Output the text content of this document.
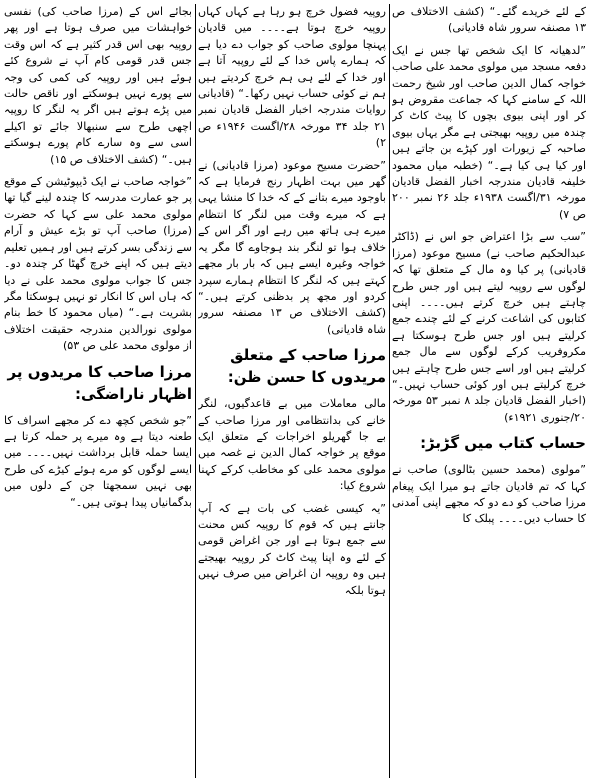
کے لئے خریدے گئے۔“ (کشف الاختلاف ص ۱۳ مصنفہ سرور شاہ قادیانی)

”لدھیانہ کا ایک شخص تھا جس نے ایک دفعہ مسجد میں مولوی محمد علی صاحب خواجہ کمال الدین صاحب اور شیخ رحمت اللہ کے سامنے کہا کہ جماعت مقروض ہو کر اور اپنی بیوی بچوں کا پیٹ کاٹ کر چندہ میں روپیہ بھیجتی ہے مگر یہاں بیوی صاحبہ کے زیورات اور کپڑے بن جاتے ہیں اور کیا ہی کیا ہے۔“ (خطبہ میاں محمود خلیفہ قادیان مندرجہ اخبار الفضل قادیان مورخہ ۳۱/اگست ۱۹۳۸ء جلد ۲۶ نمبر ۲۰۰ ص ۷)

”سب سے بڑا اعتراض جو اس نے (ڈاکٹر عبدالحکیم صاحب نے) مسیح موعود (مرزا قادیانی) پر کیا وہ مال کے متعلق تھا کہ لوگوں سے روپیہ لیتے ہیں اور جس طرح چاہتے ہیں خرچ کرتے ہیں۔۔۔۔ اپنی کتابوں کی اشاعت کرنے کے لئے چندے جمع کرلیتے ہیں اور جس طرح ہوسکتا ہے مکروفریب کرکے لوگوں سے مال جمع کرلیتے ہیں اور اسے جس طرح چاہتے ہیں خرچ کرلیتے ہیں اور کوئی حساب نہیں۔“ (اخبار الفضل قادیان جلد ۸ نمبر ۵۳ مورخہ ۲۰/جنوری ۱۹۲۱ء)

حساب کتاب میں گڑبڑ:

”مولوی (محمد حسین بٹالوی) صاحب نے کہا کہ تم قادیان جاتے ہو میرا ایک پیغام مرزا صاحب کو دے دو کہ مجھے اپنی آمدنی کا حساب دیں۔۔۔۔ پبلک کا

روپیہ فضول خرچ ہو رہا ہے کہاں کہاں روپیہ خرچ ہوتا ہے۔۔۔۔ میں قادیان پہنچا مولوی صاحب کو جواب دے دیا ہے کہ ہمارے پاس خدا کے لئے روپیہ آتا ہے اور خدا کے لئے ہی ہم خرچ کردیتے ہیں ہم نے کوئی حساب نہیں رکھا۔“ (قادیانی روایات مندرجہ اخبار الفضل قادیان نمبر ۲۱ جلد ۳۴ مورخہ ۲۸/اگست ۱۹۴۶ء ص ۲)

”حضرت مسیح موعود (مرزا قادیانی) نے گھر میں بہت اظہار رنج فرمایا ہے کہ باوجود میرے بتانے کے کہ خدا کا منشا یہی ہے کہ میرے وقت میں لنگر کا انتظام میرے ہی ہاتھ میں رہے اور اگر اس کے خلاف ہوا تو لنگر بند ہوجاوے گا مگر یہ خواجہ وغیرہ ایسے ہیں کہ بار بار مجھے کہتے ہیں کہ لنگر کا انتظام ہمارے سپرد کردو اور مجھ پر بدظنی کرتے ہیں۔“ (کشف الاختلاف ص ۱۳ مصنفہ سرور شاہ قادیانی)

مرزا صاحب کے متعلق مریدوں کا حسن ظن:

مالی معاملات میں بے قاعدگیوں، لنگر خانے کی بدانتظامی اور مرزا صاحب کے بے جا گھریلو اخراجات کے متعلق ایک موقع پر خواجہ کمال الدین نے غصہ میں مولوی محمد علی کو مخاطب کرکے کہنا شروع کیا:

”یہ کیسی غضب کی بات ہے کہ آپ جانتے ہیں کہ قوم کا روپیہ کس محنت سے جمع ہوتا ہے اور جن اغراض قومی کے لئے وہ اپنا پیٹ کاٹ کر روپیہ بھیجتے ہیں وہ روپیہ ان اغراض میں صرف نہیں ہوتا بلکہ

بجائے اس کے (مرزا صاحب کی) نفسی خواہشات میں صرف ہوتا ہے اور پھر روپیہ بھی اس قدر کثیر ہے کہ اس وقت جس قدر قومی کام آپ نے شروع کئے ہوئے ہیں اور روپیہ کی کمی کی وجہ سے پورے نہیں ہوسکتے اور ناقص حالت میں پڑے ہوتے ہیں اگر یہ لنگر کا روپیہ اچھی طرح سے سنبھالا جائے تو اکیلے اسی سے وہ سارے کام پورے ہوسکتے ہیں۔“ (کشف الاختلاف ص ۱۵)

”خواجہ صاحب نے ایک ڈیپوٹیشن کے موقع پر جو عمارت مدرسہ کا چندہ لینے گیا تھا مولوی محمد علی سے کہا کہ حضرت (مرزا) صاحب آپ تو بڑے عیش و آرام سے زندگی بسر کرتے ہیں اور ہمیں تعلیم دیتے ہیں کہ اپنے خرچ گھٹا کر چندہ دو۔ جس کا جواب مولوی محمد علی نے دیا کہ ہاں اس کا انکار تو نہیں ہوسکتا مگر بشریت ہے۔“ (میاں محمود کا خط بنام مولوی نورالدین مندرجہ حقیقت اختلاف از مولوی محمد علی ص ۵۳)

مرزا صاحب کا مریدوں پر اظہار ناراضگی:

”جو شخص کچھ دے کر مجھے اسراف کا طعنہ دیتا ہے وہ میرے پر حملہ کرتا ہے ایسا حملہ قابل برداشت نہیں۔۔۔۔ میں ایسے لوگوں کو مرے ہوئے کیڑے کی طرح بھی نہیں سمجھتا جن کے دلوں میں بدگمانیاں پیدا ہوتی ہیں۔“
